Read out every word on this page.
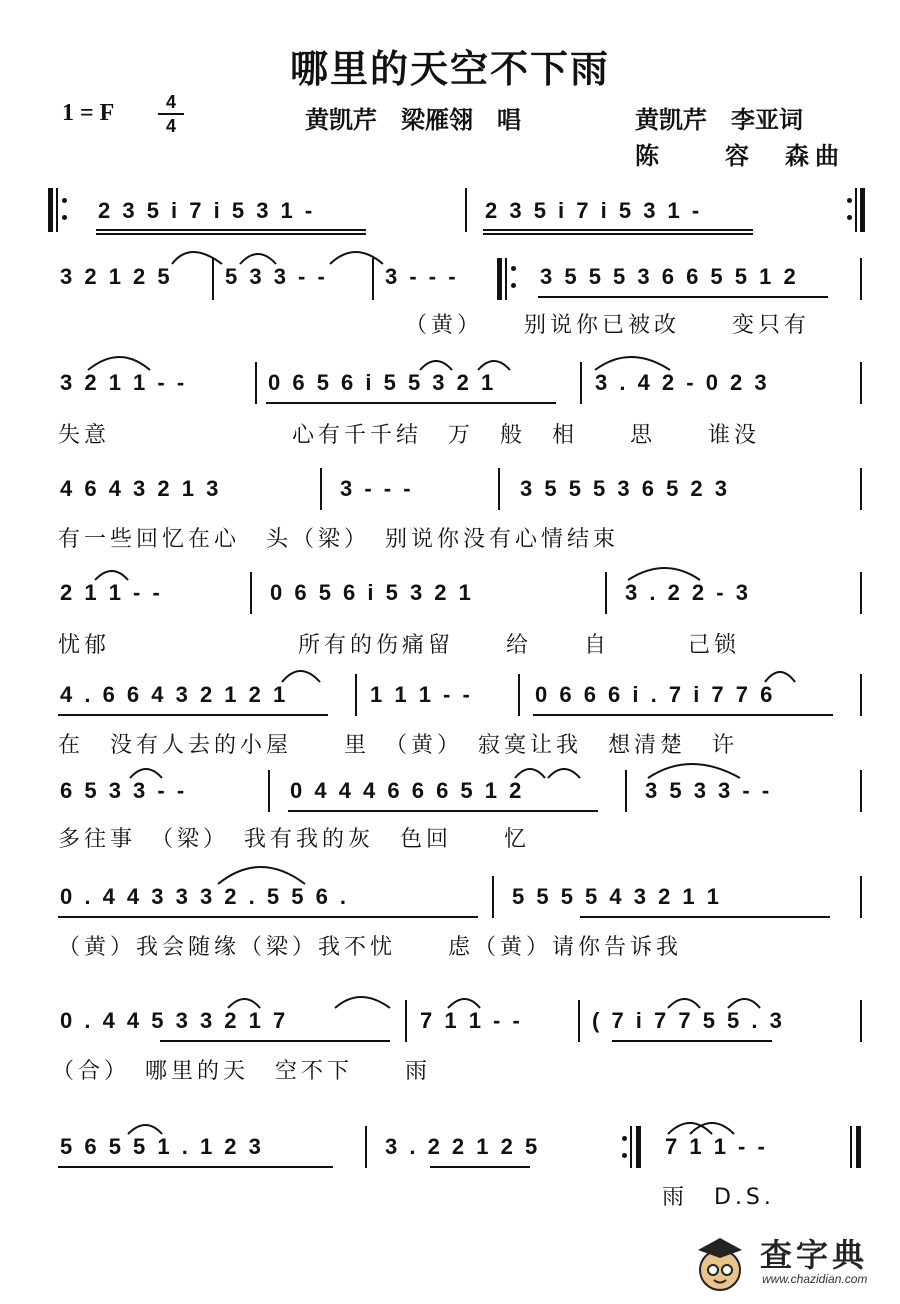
哪里的天空不下雨
1 = F	4
4	黄凯芹　梁雁翎　唱	黄凯芹　李亚词
陈　　容　森曲
2 3 5 i 7 i 5 3 1 -	2 3 5 i 7 i 5 3 1 -
3 2 1 2 5 5 3 3 - -	3 - - -	3 5 5 5 3 6 6 5 5 1 2
（黄）　　别说你已被改　　变只有
3 2 1 1 - -	0 6 5 6 i 5 5 3 2 1	3 . 4 2 - 0 2 3
失意	心有千千结　万　般　相　　思　　谁没
4 6 4 3 2 1 3	3 - - -	3 5 5 5 3 6 5 2 3
有一些回忆在心　头（梁）　别说你没有心情结束
2 1 1 - -	0 6 5 6 i 5 3 2 1	3 . 2 2 - 3
忧郁	所有的伤痛留　　给　　自　　　己锁
4 . 6 6 4 3 2 1 2 1	1 1 1 - -	0 6 6 6 i . 7 i 7 7 6
在　没有人去的小屋　　里　（黄）　寂寞让我　想清楚　许
6 5 3 3 - -	0 4 4 4 6 6 6 5 1 2	3 5 3 3 - -
多往事　（梁）　我有我的灰　色回　　忆
0 . 4 4 3 3 3 2 . 5 5 6 .	5 5 5 5 4 3 2 1 1
（黄）我会随缘（梁）我不忧　　虑（黄）请你告诉我
0 . 4 4 5 3 3 2 1 7	7 1 1 - -	( 7 i 7 7 5 5 . 3
（合）　哪里的天　空不下　　雨
5 6 5 5 1 . 1 2 3	3 . 2 2 1 2 5	7 1 1 - -
雨　D.S.
查字典
www.chazidian.com
